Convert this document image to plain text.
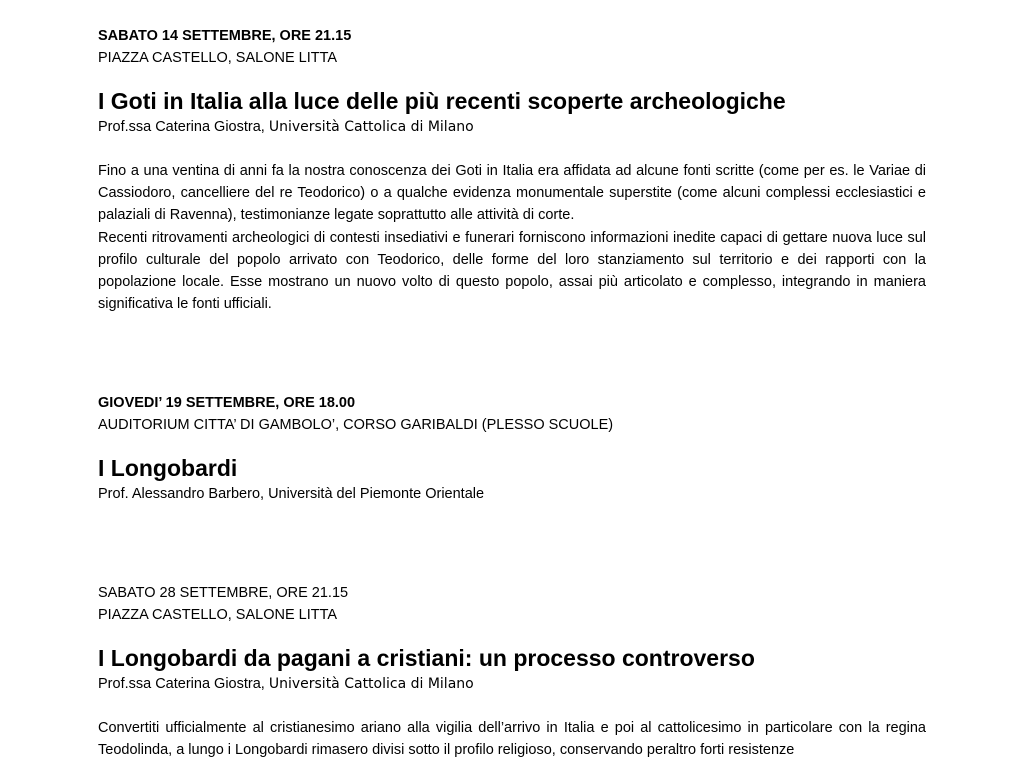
SABATO 14 SETTEMBRE, ORE 21.15

PIAZZA CASTELLO, SALONE LITTA

I Goti in Italia alla luce delle più recenti scoperte archeologiche

Prof.ssa Caterina Giostra, Università Cattolica di Milano

Fino a una ventina di anni fa la nostra conoscenza dei Goti in Italia era affidata ad alcune fonti scritte (come per es. le Variae di Cassiodoro, cancelliere del re Teodorico) o a qualche evidenza monumentale superstite (come alcuni complessi ecclesiastici e palaziali di Ravenna), testimonianze legate soprattutto alle attività di corte.

Recenti ritrovamenti archeologici di contesti insediativi e funerari forniscono informazioni inedite capaci di gettare nuova luce sul profilo culturale del popolo arrivato con Teodorico, delle forme del loro stanziamento sul territorio e dei rapporti con la popolazione locale. Esse mostrano un nuovo volto di questo popolo, assai più articolato e complesso, integrando in maniera significativa le fonti ufficiali.

GIOVEDI’ 19 SETTEMBRE, ORE 18.00

AUDITORIUM CITTA’ DI GAMBOLO’, CORSO GARIBALDI (PLESSO SCUOLE)

I Longobardi

Prof. Alessandro Barbero, Università del Piemonte Orientale

SABATO 28 SETTEMBRE, ORE 21.15

PIAZZA CASTELLO, SALONE LITTA

I Longobardi da pagani a cristiani: un processo controverso

Prof.ssa Caterina Giostra, Università Cattolica di Milano

Convertiti ufficialmente al cristianesimo ariano alla vigilia dell’arrivo in Italia e poi al cattolicesimo in particolare con la regina Teodolinda, a lungo i Longobardi rimasero divisi sotto il profilo religioso, conservando peraltro forti resistenze
